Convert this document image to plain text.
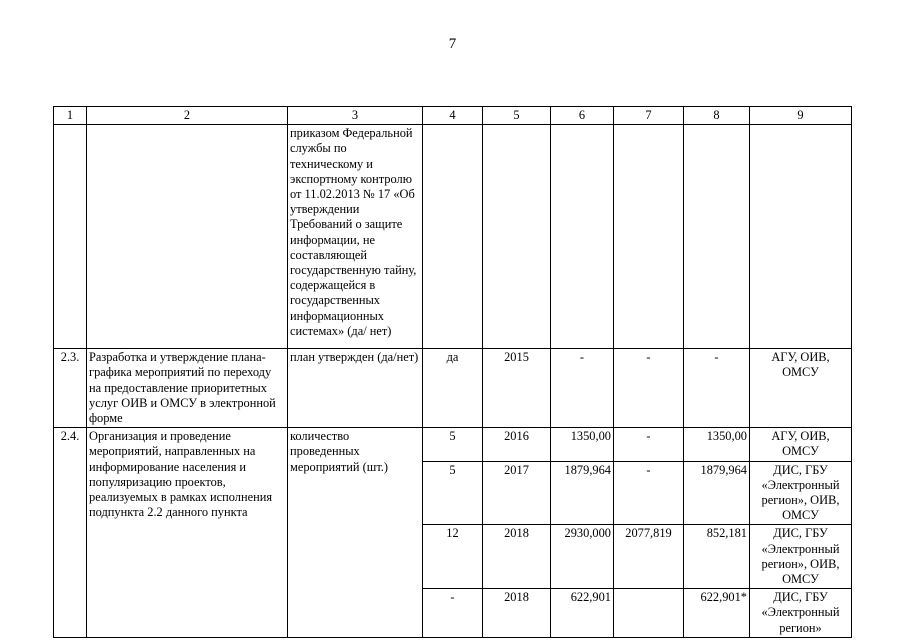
7
1	2	3	4	5	6	7	8	9
		приказом Федеральной службы по техническому и экспортному контролю от 11.02.2013 № 17 «Об утверждении Требований о защите информации, не составляющей государственную тайну, содержащейся в государственных информационных системах» (да/ нет)						
2.3.	Разработка и утверждение плана-графика мероприятий по переходу на предоставление приоритетных услуг ОИВ и ОМСУ в электронной форме	план утвержден (да/нет)	да	2015	-	-	-	АГУ, ОИВ, ОМСУ
2.4.	Организация и проведение мероприятий, направленных на информирование населения и популяризацию проектов, реализуемых в рамках исполнения подпункта 2.2 данного пункта	количество проведенных мероприятий (шт.)	5	2016	1350,00	-	1350,00	АГУ, ОИВ, ОМСУ
			5	2017	1879,964	-	1879,964	ДИС, ГБУ «Электронный регион», ОИВ, ОМСУ
			12	2018	2930,000	2077,819	852,181	ДИС, ГБУ «Электронный регион», ОИВ, ОМСУ
			-	2018	622,901		622,901*	ДИС, ГБУ «Электронный регион»
